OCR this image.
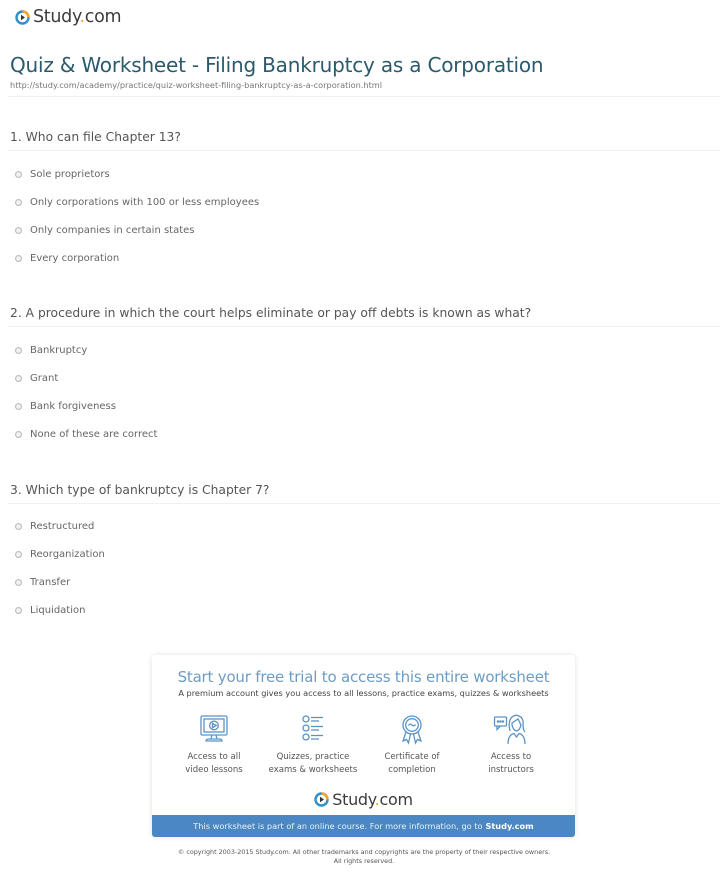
Study.com
Quiz & Worksheet - Filing Bankruptcy as a Corporation
http://study.com/academy/practice/quiz-worksheet-filing-bankruptcy-as-a-corporation.html
1. Who can file Chapter 13?
Sole proprietors
Only corporations with 100 or less employees
Only companies in certain states
Every corporation
2. A procedure in which the court helps eliminate or pay off debts is known as what?
Bankruptcy
Grant
Bank forgiveness
None of these are correct
3. Which type of bankruptcy is Chapter 7?
Restructured
Reorganization
Transfer
Liquidation
Start your free trial to access this entire worksheet
A premium account gives you access to all lessons, practice exams, quizzes & worksheets
Access to all
video lessons
Quizzes, practice
exams & worksheets
Certificate of
completion
Access to
instructors
Study.com
This worksheet is part of an online course. For more information, go to Study.com
© copyright 2003-2015 Study.com. All other trademarks and copyrights are the property of their respective owners.
All rights reserved.
